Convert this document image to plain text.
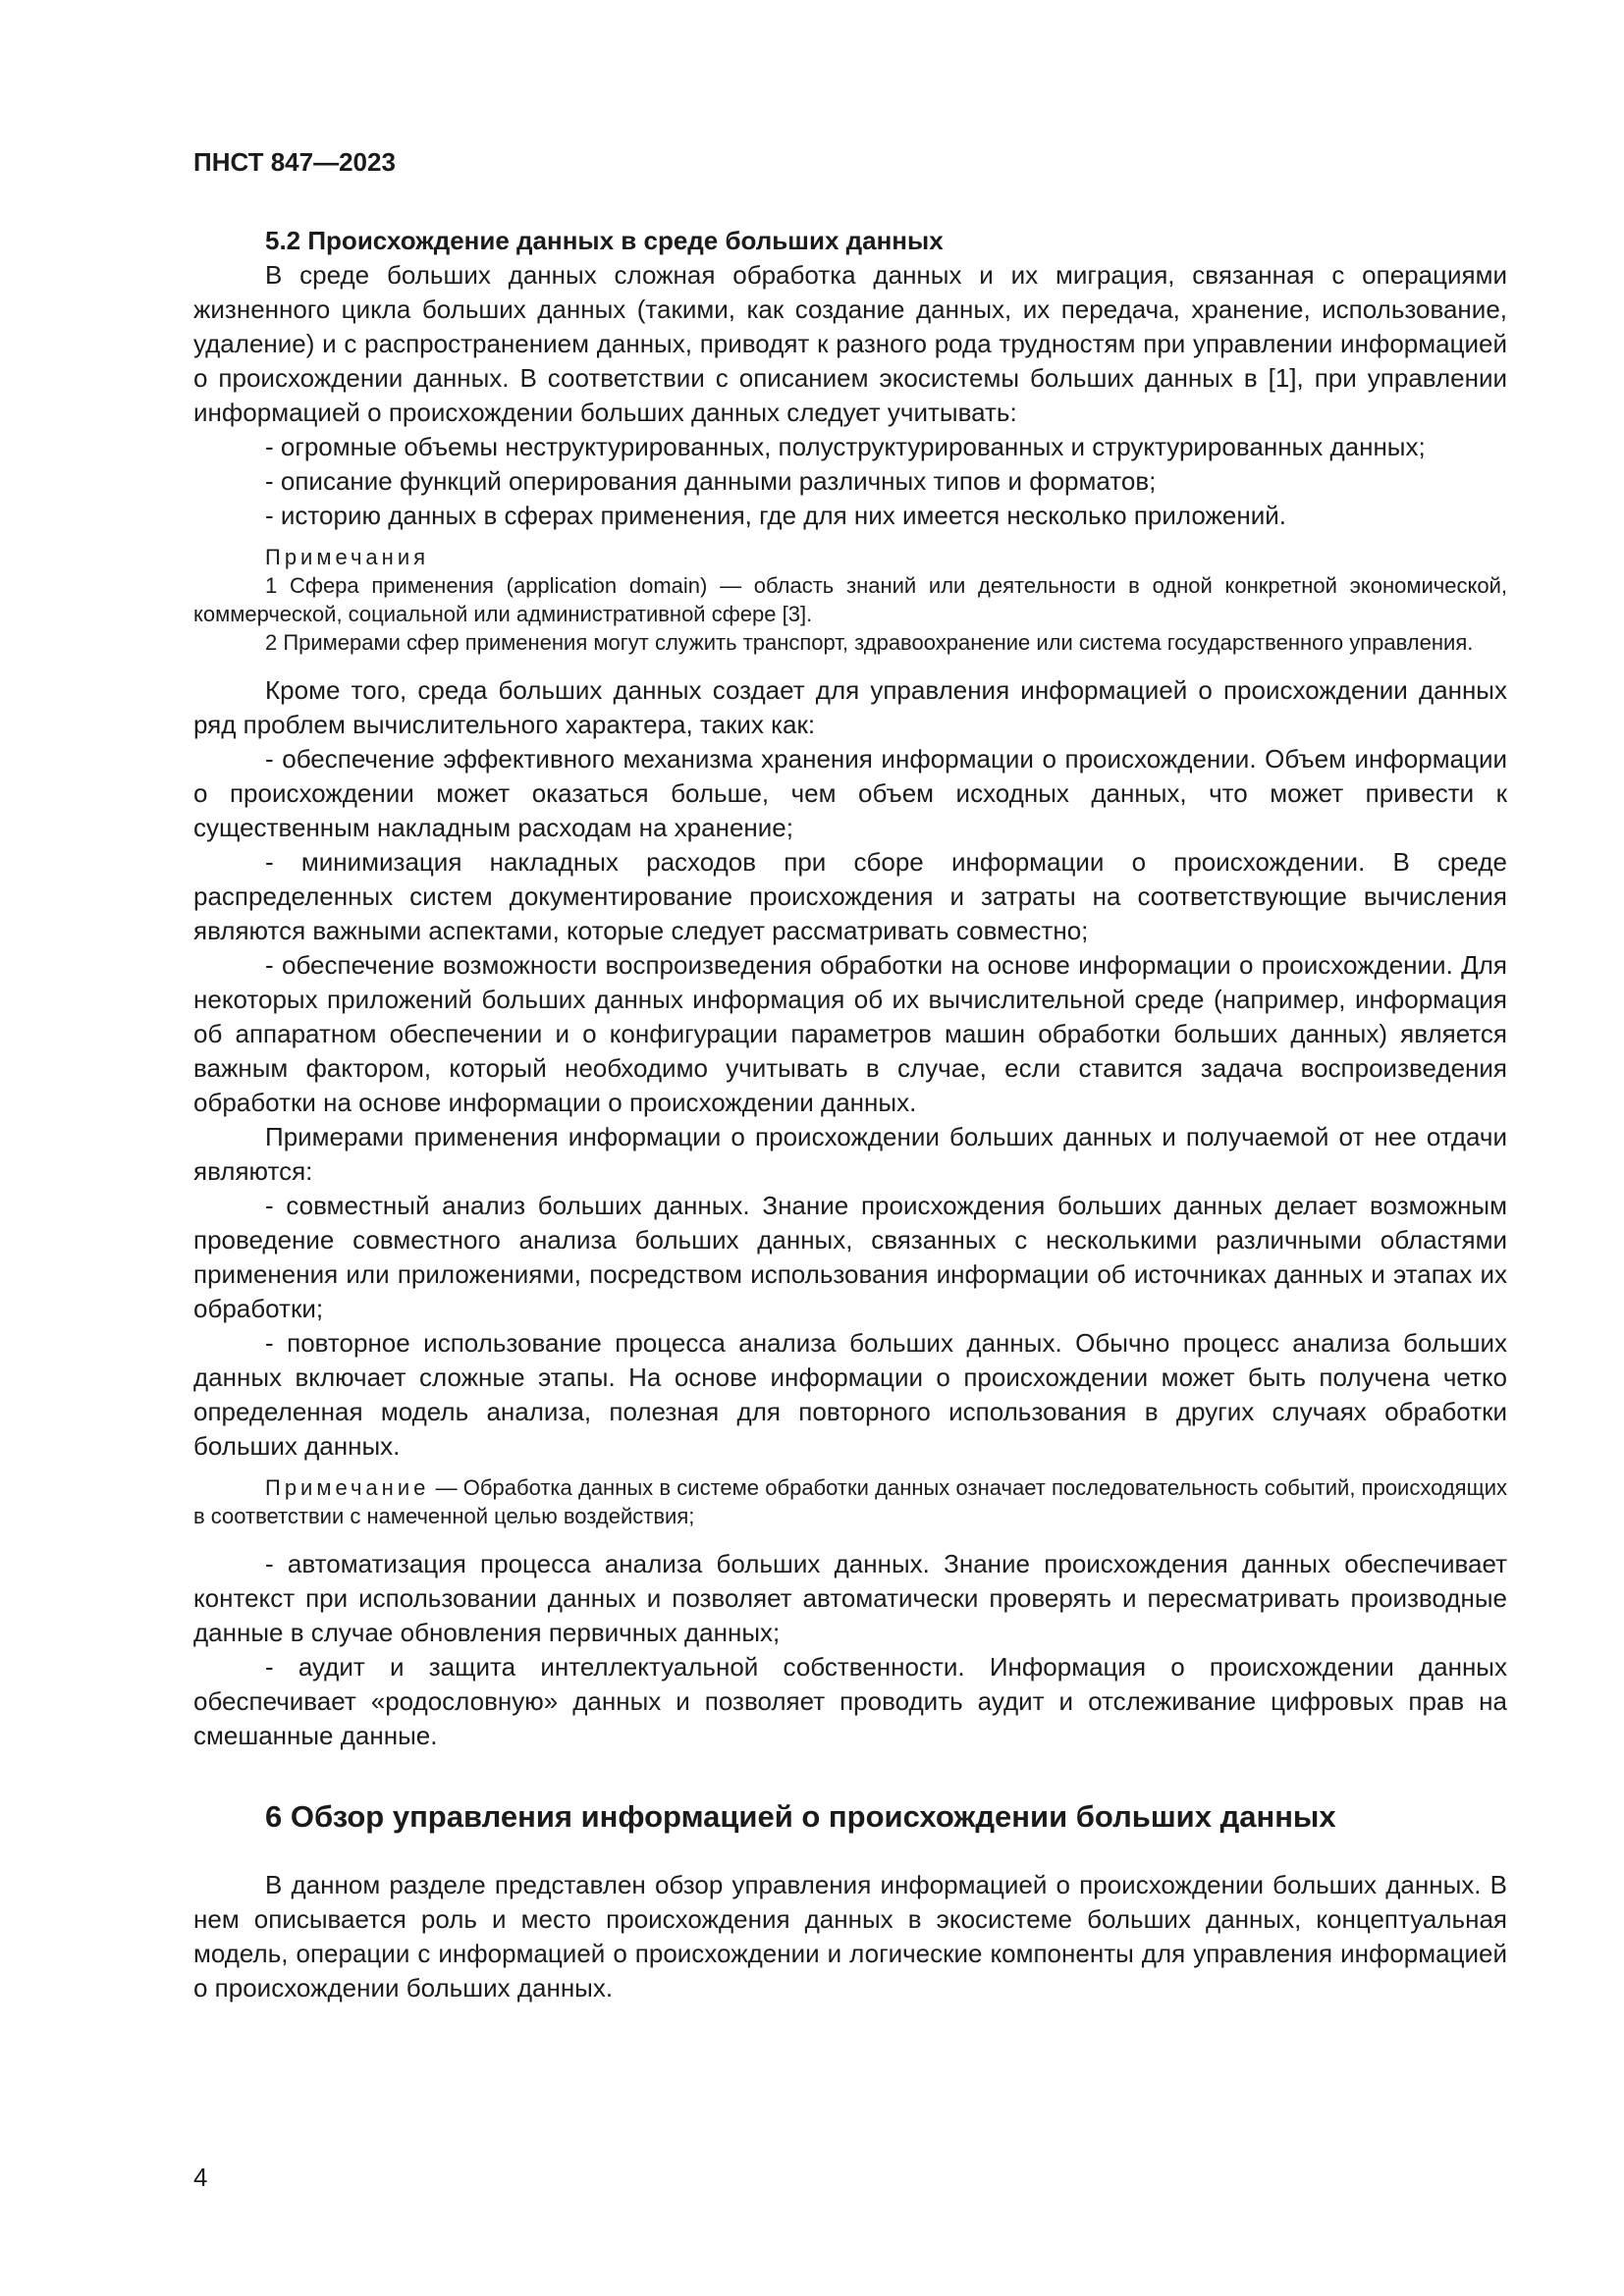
ПНСТ 847—2023

5.2 Происхождение данных в среде больших данных

В среде больших данных сложная обработка данных и их миграция, связанная с операциями жизненного цикла больших данных (такими, как создание данных, их передача, хранение, использование, удаление) и с распространением данных, приводят к разного рода трудностям при управлении информацией о происхождении данных. В соответствии с описанием экосистемы больших данных в [1], при управлении информацией о происхождении больших данных следует учитывать:

- огромные объемы неструктурированных, полуструктурированных и структурированных данных;

- описание функций оперирования данными различных типов и форматов;

- историю данных в сферах применения, где для них имеется несколько приложений.

Примечания

1 Сфера применения (application domain) — область знаний или деятельности в одной конкретной экономической, коммерческой, социальной или административной сфере [3].

2 Примерами сфер применения могут служить транспорт, здравоохранение или система государственного управления.

Кроме того, среда больших данных создает для управления информацией о происхождении данных ряд проблем вычислительного характера, таких как:

- обеспечение эффективного механизма хранения информации о происхождении. Объем информации о происхождении может оказаться больше, чем объем исходных данных, что может привести к существенным накладным расходам на хранение;

- минимизация накладных расходов при сборе информации о происхождении. В среде распределенных систем документирование происхождения и затраты на соответствующие вычисления являются важными аспектами, которые следует рассматривать совместно;

- обеспечение возможности воспроизведения обработки на основе информации о происхождении. Для некоторых приложений больших данных информация об их вычислительной среде (например, информация об аппаратном обеспечении и о конфигурации параметров машин обработки больших данных) является важным фактором, который необходимо учитывать в случае, если ставится задача воспроизведения обработки на основе информации о происхождении данных.

Примерами применения информации о происхождении больших данных и получаемой от нее отдачи являются:

- совместный анализ больших данных. Знание происхождения больших данных делает возможным проведение совместного анализа больших данных, связанных с несколькими различными областями применения или приложениями, посредством использования информации об источниках данных и этапах их обработки;

- повторное использование процесса анализа больших данных. Обычно процесс анализа больших данных включает сложные этапы. На основе информации о происхождении может быть получена четко определенная модель анализа, полезная для повторного использования в других случаях обработки больших данных.

Примечание — Обработка данных в системе обработки данных означает последовательность событий, происходящих в соответствии с намеченной целью воздействия;

- автоматизация процесса анализа больших данных. Знание происхождения данных обеспечивает контекст при использовании данных и позволяет автоматически проверять и пересматривать производные данные в случае обновления первичных данных;

- аудит и защита интеллектуальной собственности. Информация о происхождении данных обеспечивает «родословную» данных и позволяет проводить аудит и отслеживание цифровых прав на смешанные данные.

6 Обзор управления информацией о происхождении больших данных

В данном разделе представлен обзор управления информацией о происхождении больших данных. В нем описывается роль и место происхождения данных в экосистеме больших данных, концептуальная модель, операции с информацией о происхождении и логические компоненты для управления информацией о происхождении больших данных.

4
